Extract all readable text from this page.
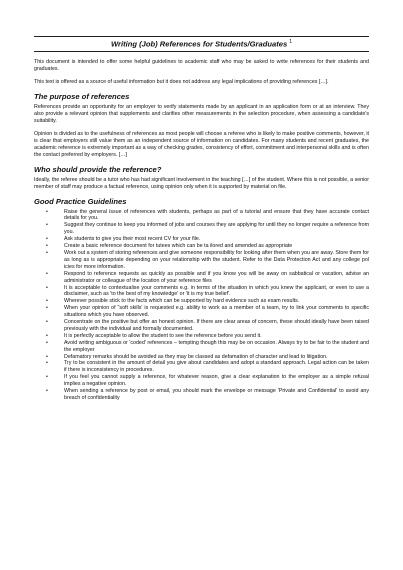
Writing (Job) References for Students/Graduates $^1$

This document is intended to offer some helpful guidelines to academic staff who may be asked to write references for their students and graduates.

This text is offered as a source of useful information but it does not address any legal implications of providing references […].

The purpose of references

References provide an opportunity for an employer to verify statements made by an applicant in an application form or at an interview. They also provide a relevant opinion that supplements and clarifies other measurements in the selection procedure, when assessing a candidate's suitability.

Opinion is divided as to the usefulness of references as most people will choose a referee who is likely to make positive comments, however, it is clear that employers still value them as an independent source of information on candidates. For many students and recent graduates, the academic reference is extremely important as a way of checking grades, consistency of effort, commitment and interpersonal skills and is often the contact preferred by employers. […]

Who should provide the reference?

Ideally, the referee should be a tutor who has had significant involvement in the teaching […] of the student. Where this is not possible, a senior member of staff may produce a factual reference, using opinion only when it is supported by material on file.

Good Practice Guidelines
•	Raise the general issue of references with students, perhaps as part of a tutorial and ensure that they have accurate contact details for you.
•	Suggest they continue to keep you informed of jobs and courses they are applying for until they no longer require a reference from you.
•	Ask students to give you their most recent CV for your file.
•	Create a basic reference document for tutees which can be ta ilored and amended as appropriate
•	Work out a system of storing references and give someone responsibility for looking after them when you are away. Store them for as long as is appropriate depending on your relationship with the student. Refer to the Data Protection Act and any college pol icies for more information.
•	Respond to reference requests as quickly as possible and if you know you will be away on sabbatical or vacation, advise an administrator or colleague of the location of your reference files
•	It is acceptable to contextualise your comments e.g. in terms of the situation in which you knew the applicant, or even to use a disclaimer, such as 'to the best of my knowledge' or 'it is my true belief'.
•	Wherever possible stick to the facts which can be supported by hard evidence such as exam results.
•	When your opinion of "soft skills' is requested e.g. ability to work as a member of a team, try to link your comments to specific situations which you have observed.
•	Concentrate on the positive but offer an honest opinion. If there are clear areas of concern, these should ideally have been raised previously with the individual and formally documented.
•	It is perfectly acceptable to allow the student to see the reference before you send it.
•	Avoid writing ambiguous or 'coded' references – tempting though this may be on occasion. Always try to be fair to the student and the employer
•	Defamatory remarks should be avoided as they may be classed as defamation of character and lead to litigation.
•	Try to be consistent in the amount of detail you give about candidates and adopt a standard approach. Legal action can be taken if there is inconsistency in procedures.
•	If you feel you cannot supply a reference, for whatever reason, give a clear explanation to the employer as a simple refusal implies a negative opinion.
•	When sending a reference by post or email, you should mark the envelope or message 'Private and Confidential' to avoid any breach of confidentiality
